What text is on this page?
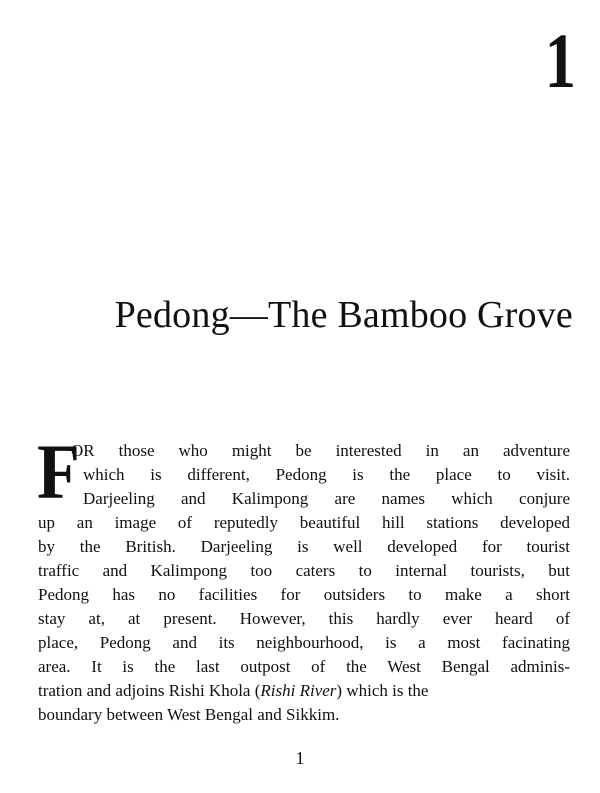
1
Pedong—The Bamboo Grove
F
OR those who might be interested in an adventure
which is different, Pedong is the place to visit.
Darjeeling and Kalimpong are names which conjure
up an image of reputedly beautiful hill stations developed
by the British. Darjeeling is well developed for tourist
traffic and Kalimpong too caters to internal tourists, but
Pedong has no facilities for outsiders to make a short
stay at, at present. However, this hardly ever heard of
place, Pedong and its neighbourhood, is a most facinating
area. It is the last outpost of the West Bengal adminis-
tration and adjoins Rishi Khola (Rishi River) which is the
boundary between West Bengal and Sikkim.
1
